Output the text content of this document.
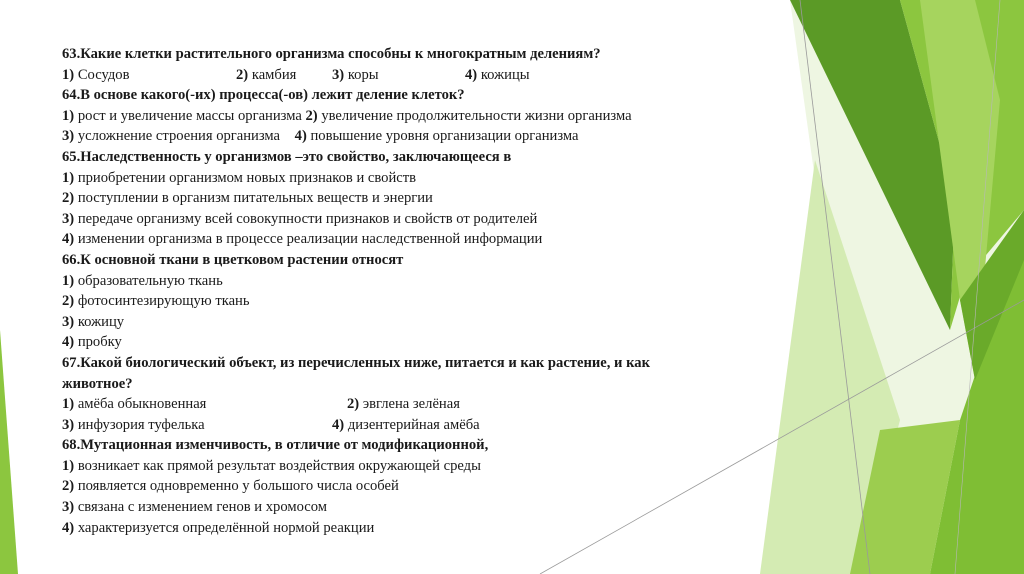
63.Какие клетки растительного организма способны к многократным делениям?
1) Сосудов	2) камбия 3) коры	4) кожицы
64.В основе какого(-их) процесса(-ов) лежит деление клеток?
1) рост и увеличение массы организма 2) увеличение продолжительности жизни организма
3) усложнение строения организма    4) повышение уровня организации организма
65.Наследственность у организмов –это свойство, заключающееся в
1) приобретении организмом новых признаков и свойств
2) поступлении в организм питательных веществ и энергии
3) передаче организму всей совокупности признаков и свойств от родителей
4) изменении организма в процессе реализации наследственной информации
66.К основной ткани в цветковом растении относят
1) образовательную ткань
2) фотосинтезирующую ткань
3) кожицу
4) пробку
67.Какой биологический объект, из перечисленных ниже, питается и как растение, и как
животное?
1) амёба обыкновенная	2) эвглена зелёная
3) инфузория туфелька	4) дизентерийная амёба
68.Мутационная изменчивость, в отличие от модификационной,
1) возникает как прямой результат воздействия окружающей среды
2) появляется одновременно у большого числа особей
3) связана с изменением генов и хромосом
4) характеризуется определённой нормой реакции
